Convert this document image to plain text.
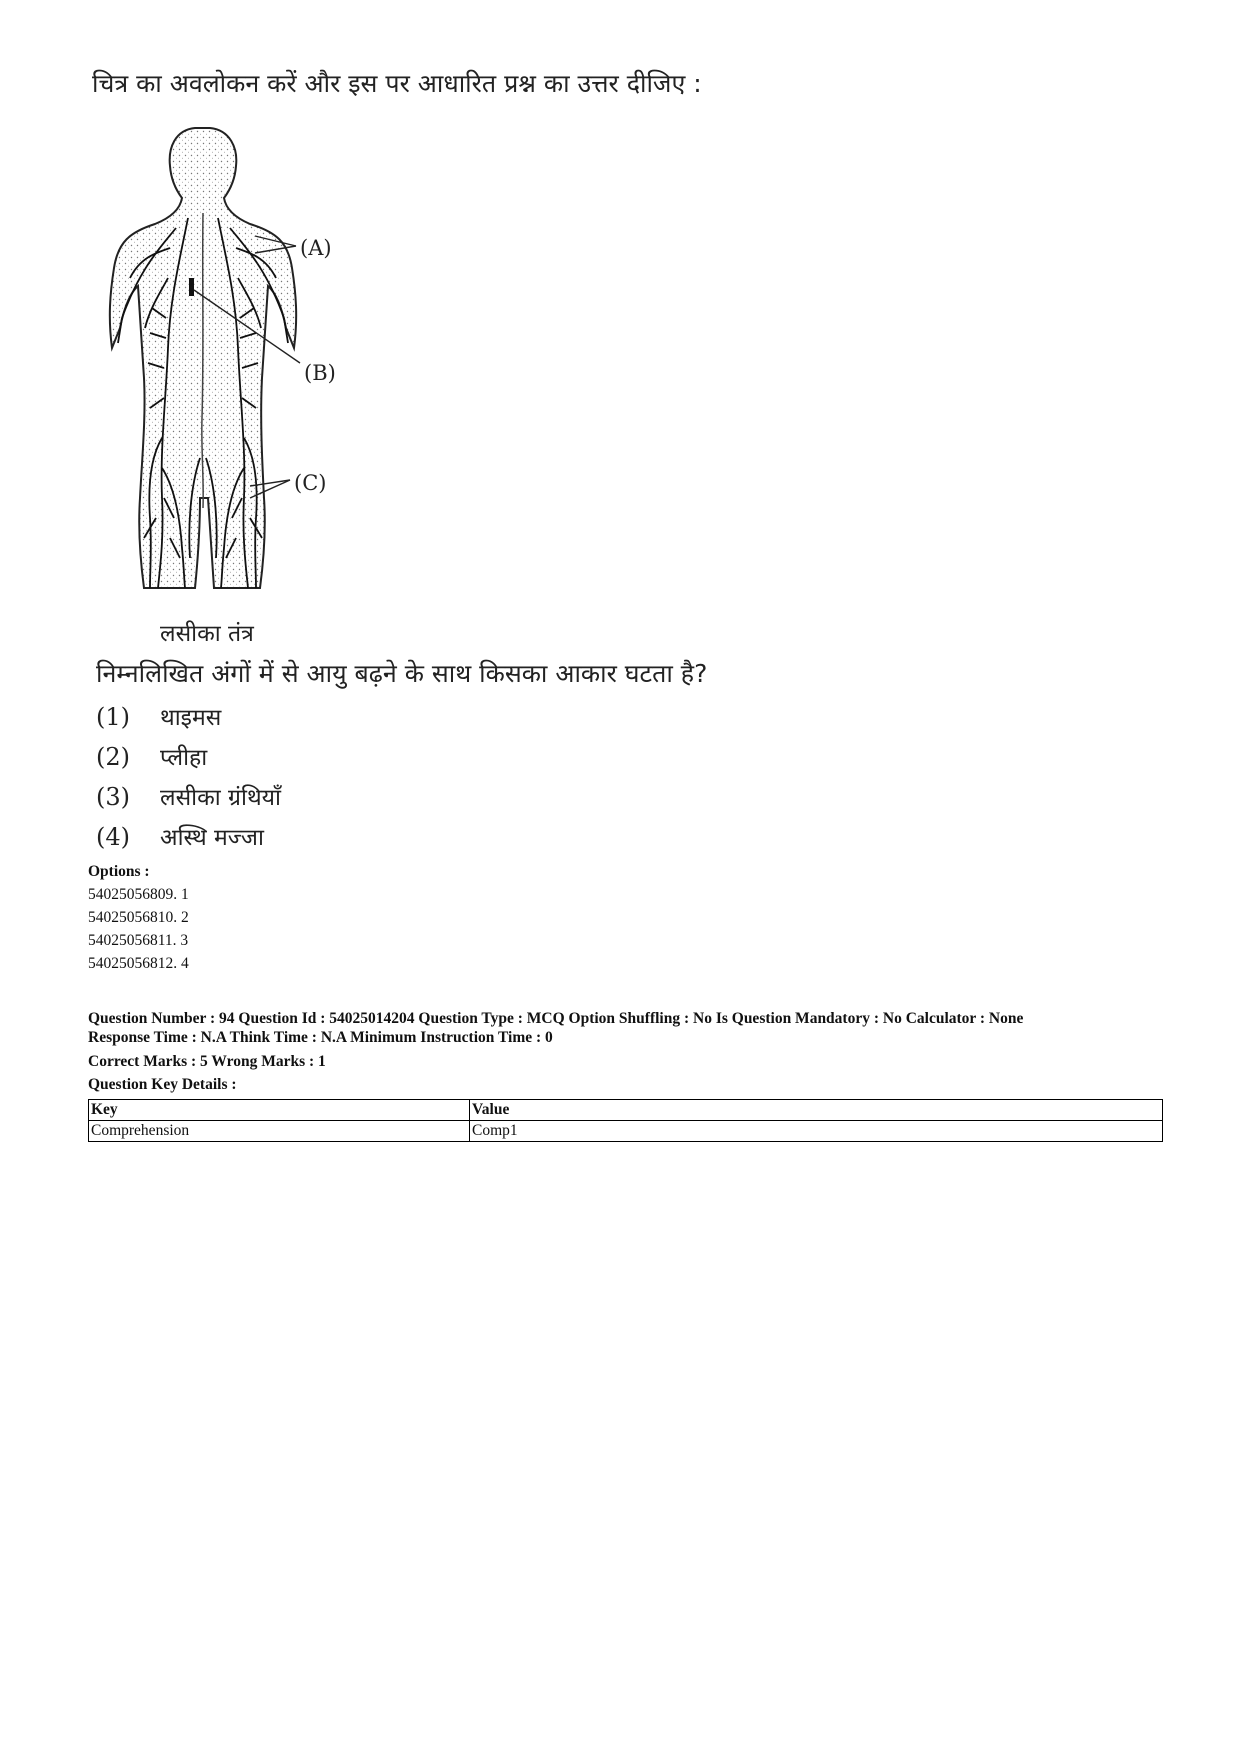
चित्र का अवलोकन करें और इस पर आधारित प्रश्न का उत्तर दीजिए :
(A)
(B)
(C)
लसीका तंत्र
निम्नलिखित अंगों में से आयु बढ़ने के साथ किसका आकार घटता है?
(1) थाइमस
(2) प्लीहा
(3) लसीका ग्रंथियाँ
(4) अस्थि मज्जा
Options :
54025056809. 1
54025056810. 2
54025056811. 3
54025056812. 4
Question Number : 94 Question Id : 54025014204 Question Type : MCQ Option Shuffling : No Is Question Mandatory : No Calculator : None
Response Time : N.A Think Time : N.A Minimum Instruction Time : 0
Correct Marks : 5 Wrong Marks : 1
Question Key Details :
Key	Value
Comprehension	Comp1
